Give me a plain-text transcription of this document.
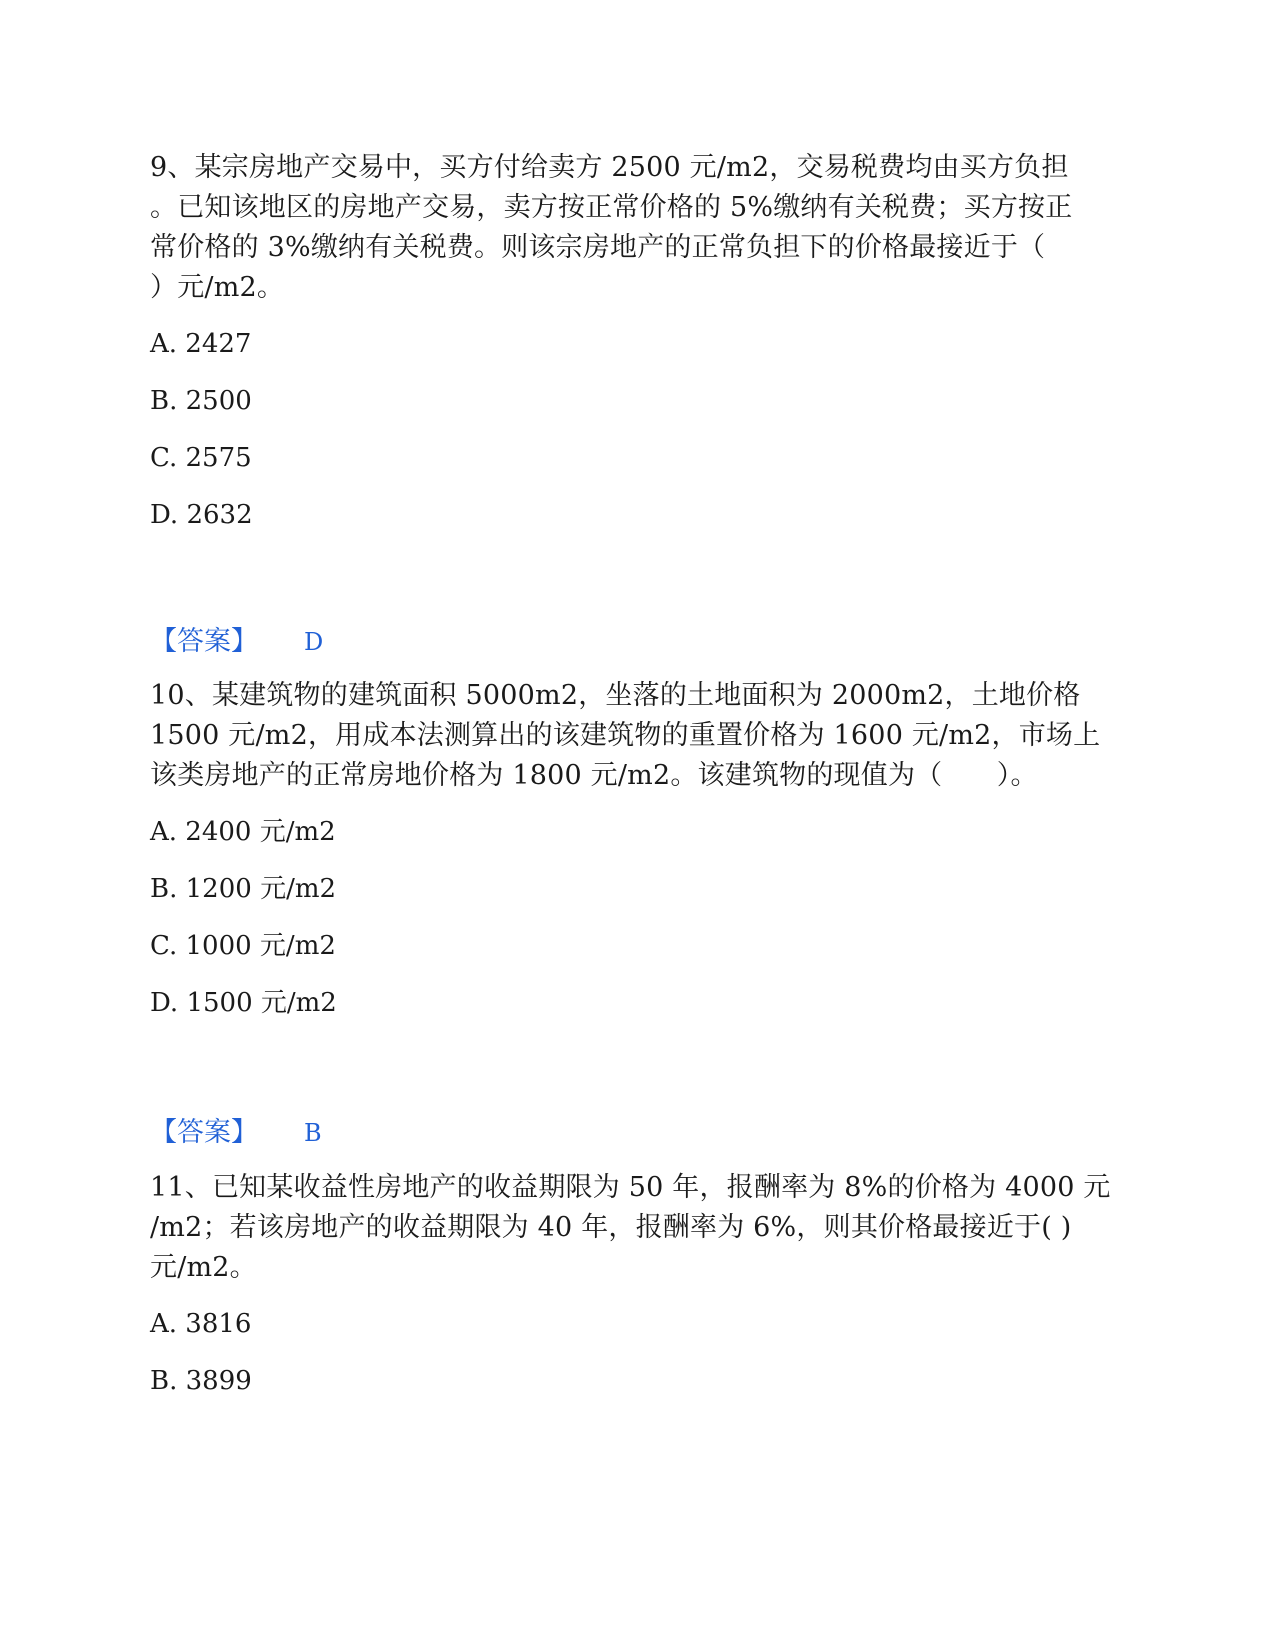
9、某宗房地产交易中，买方付给卖方 2500 元/m2，交易税费均由买方负担
。已知该地区的房地产交易，卖方按正常价格的 5%缴纳有关税费；买方按正
常价格的 3%缴纳有关税费。则该宗房地产的正常负担下的价格最接近于（
）元/m2。
A. 2427
B. 2500
C. 2575
D. 2632
【答案】 D
10、某建筑物的建筑面积 5000m2，坐落的土地面积为 2000m2，土地价格
1500 元/m2，用成本法测算出的该建筑物的重置价格为 1600 元/m2，市场上
该类房地产的正常房地价格为 1800 元/m2。该建筑物的现值为（　　）。
A. 2400 元/m2
B. 1200 元/m2
C. 1000 元/m2
D. 1500 元/m2
【答案】 B
11、已知某收益性房地产的收益期限为 50 年，报酬率为 8%的价格为 4000 元
/m2；若该房地产的收益期限为 40 年，报酬率为 6%，则其价格最接近于( )
元/m2。
A. 3816
B. 3899
